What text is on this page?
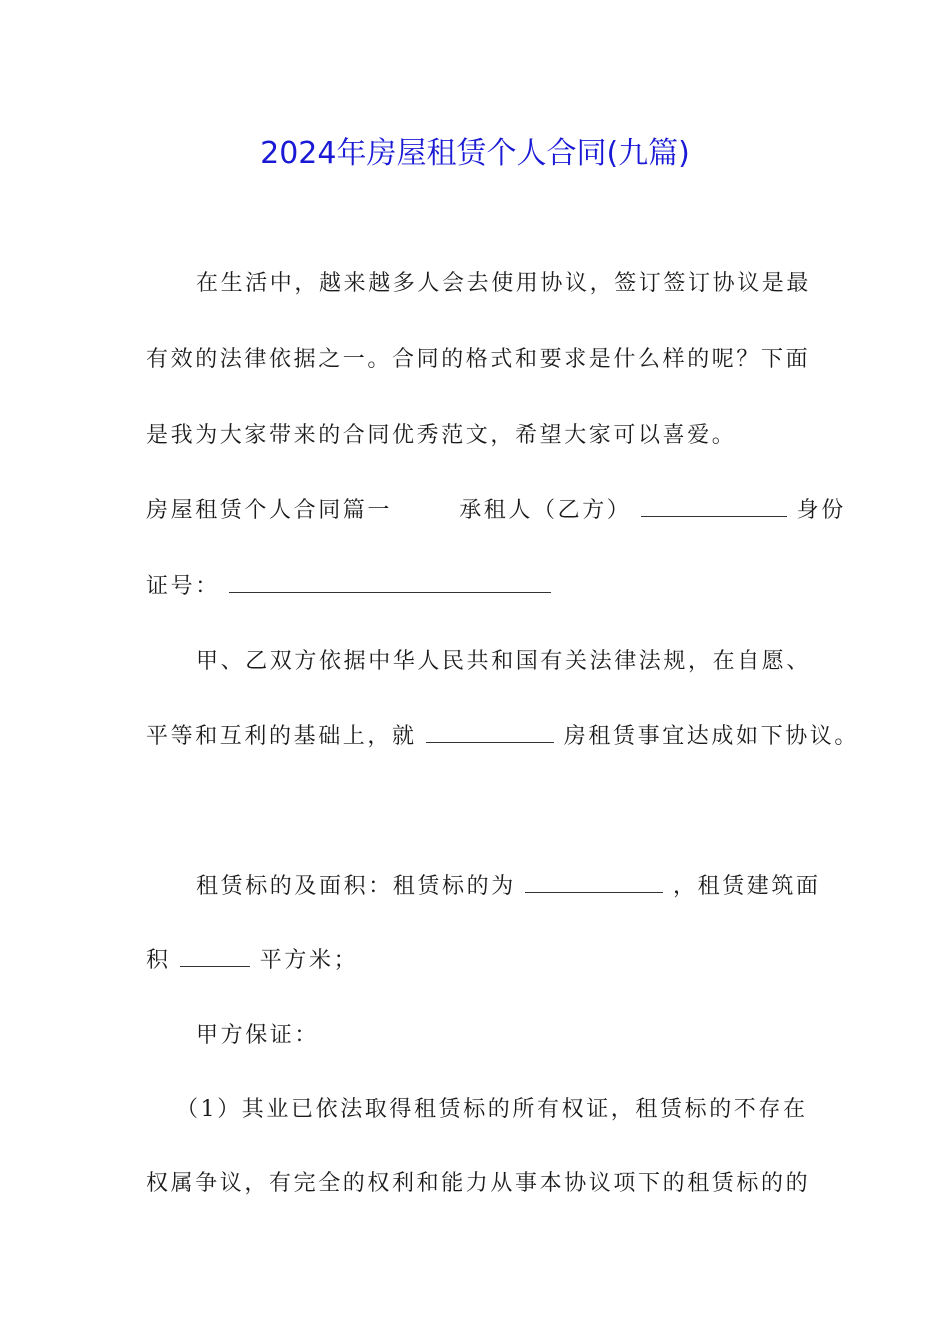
2024年房屋租赁个人合同(九篇)
在生活中，越来越多人会去使用协议，签订签订协议是最
有效的法律依据之一。合同的格式和要求是什么样的呢？下面
是我为大家带来的合同优秀范文，希望大家可以喜爱。
房屋租赁个人合同篇一	承租人（乙方）	身份
证号：
甲、乙双方依据中华人民共和国有关法律法规，在自愿、
平等和互利的基础上，就	房租赁事宜达成如下协议。
租赁标的及面积：租赁标的为	，租赁建筑面
积	平方米；
甲方保证：
（1）其业已依法取得租赁标的所有权证，租赁标的不存在
权属争议，有完全的权利和能力从事本协议项下的租赁标的的
